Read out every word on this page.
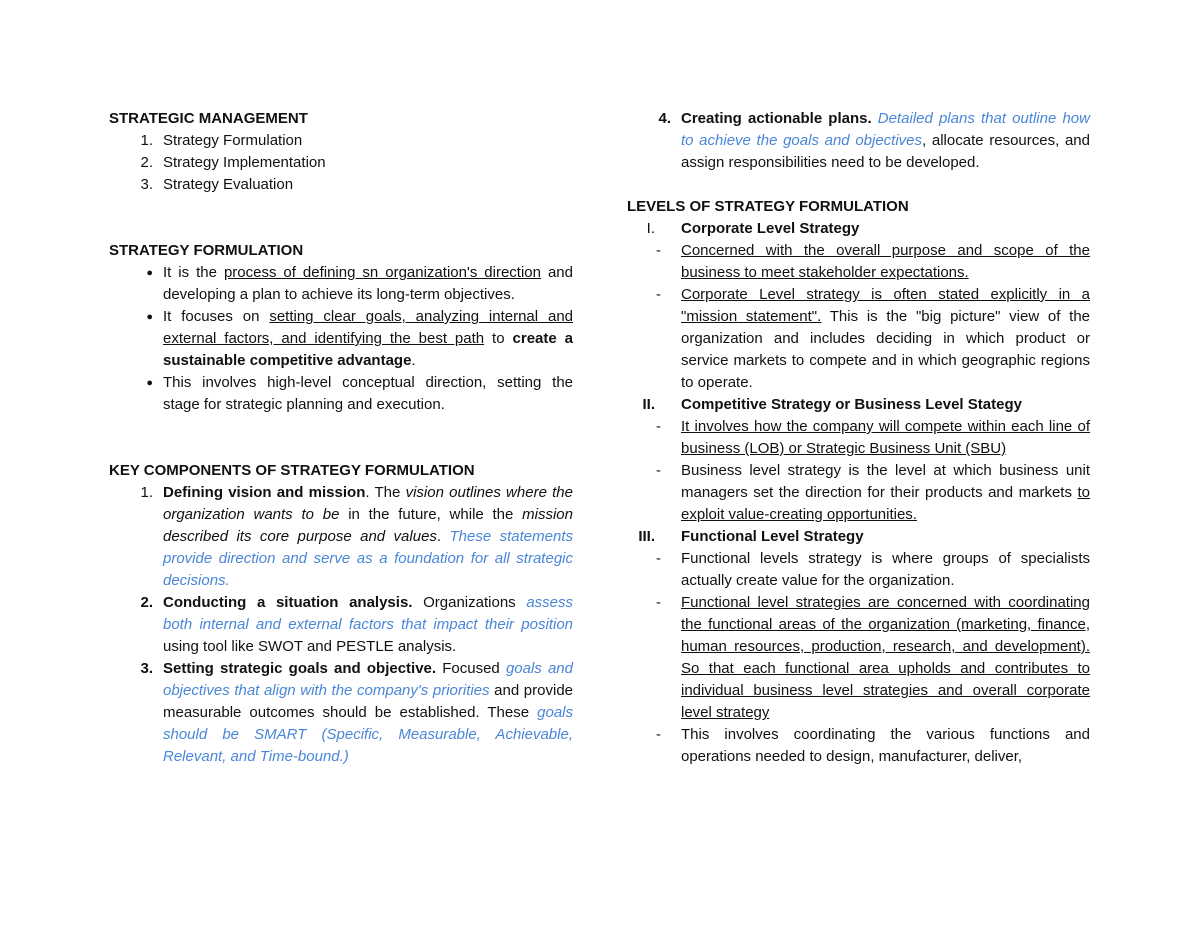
STRATEGIC MANAGEMENT

1. Strategy Formulation
2. Strategy Implementation
3. Strategy Evaluation

STRATEGY FORMULATION

● It is the process of defining sn organization's direction and developing a plan to achieve its long-term objectives.
● It focuses on setting clear goals, analyzing internal and external factors, and identifying the best path to create a sustainable competitive advantage.
● This involves high-level conceptual direction, setting the stage for strategic planning and execution.

KEY COMPONENTS OF STRATEGY FORMULATION

1. Defining vision and mission. The vision outlines where the organization wants to be in the future, while the mission described its core purpose and values. These statements provide direction and serve as a foundation for all strategic decisions.
2. Conducting a situation analysis. Organizations assess both internal and external factors that impact their position using tool like SWOT and PESTLE analysis.
3. Setting strategic goals and objective. Focused goals and objectives that align with the company's priorities and provide measurable outcomes should be established. These goals should be SMART (Specific, Measurable, Achievable, Relevant, and Time-bound.)
4. Creating actionable plans. Detailed plans that outline how to achieve the goals and objectives, allocate resources, and assign responsibilities need to be developed.

LEVELS OF STRATEGY FORMULATION

I.	Corporate Level Strategy
-	Concerned with the overall purpose and scope of the business to meet stakeholder expectations.
-	Corporate Level strategy is often stated explicitly in a "mission statement". This is the "big picture" view of the organization and includes deciding in which product or service markets to compete and in which geographic regions to operate.
II.	Competitive Strategy or Business Level Stategy
-	It involves how the company will compete within each line of business (LOB) or Strategic Business Unit (SBU)
-	Business level strategy is the level at which business unit managers set the direction for their products and markets to exploit value-creating opportunities.
III.	Functional Level Strategy
-	Functional levels strategy is where groups of specialists actually create value for the organization.
-	Functional level strategies are concerned with coordinating the functional areas of the organization (marketing, finance, human resources, production, research, and development). So that each functional area upholds and contributes to individual business level strategies and overall corporate level strategy
-	This involves coordinating the various functions and operations needed to design, manufacturer, deliver,
